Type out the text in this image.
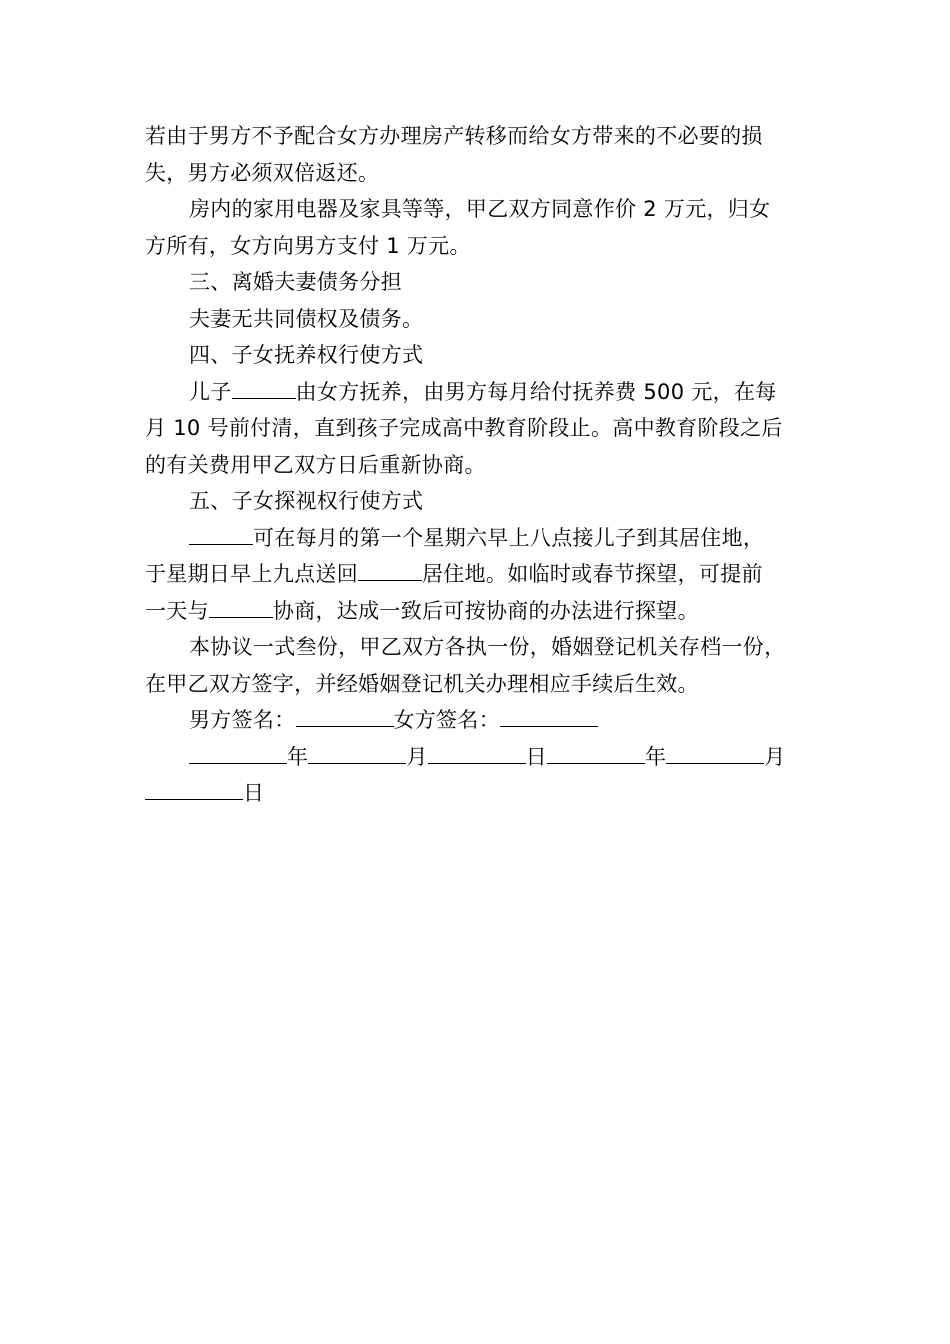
若由于男方不予配合女方办理房产转移而给女方带来的不必要的损
失，男方必须双倍返还。

房内的家用电器及家具等等，甲乙双方同意作价 2 万元，归女
方所有，女方向男方支付 1 万元。

三、离婚夫妻债务分担

夫妻无共同债权及债务。

四、子女抚养权行使方式

儿子	由女方抚养，由男方每月给付抚养费 500 元，在每
月 10 号前付清，直到孩子完成高中教育阶段止。高中教育阶段之后
的有关费用甲乙双方日后重新协商。

五、子女探视权行使方式

可在每月的第一个星期六早上八点接儿子到其居住地，
于星期日早上九点送回	居住地。如临时或春节探望，可提前
一天与	协商，达成一致后可按协商的办法进行探望。

本协议一式叁份，甲乙双方各执一份，婚姻登记机关存档一份，
在甲乙双方签字，并经婚姻登记机关办理相应手续后生效。

男方签名：	女方签名：

年	月	日	年	月
日
